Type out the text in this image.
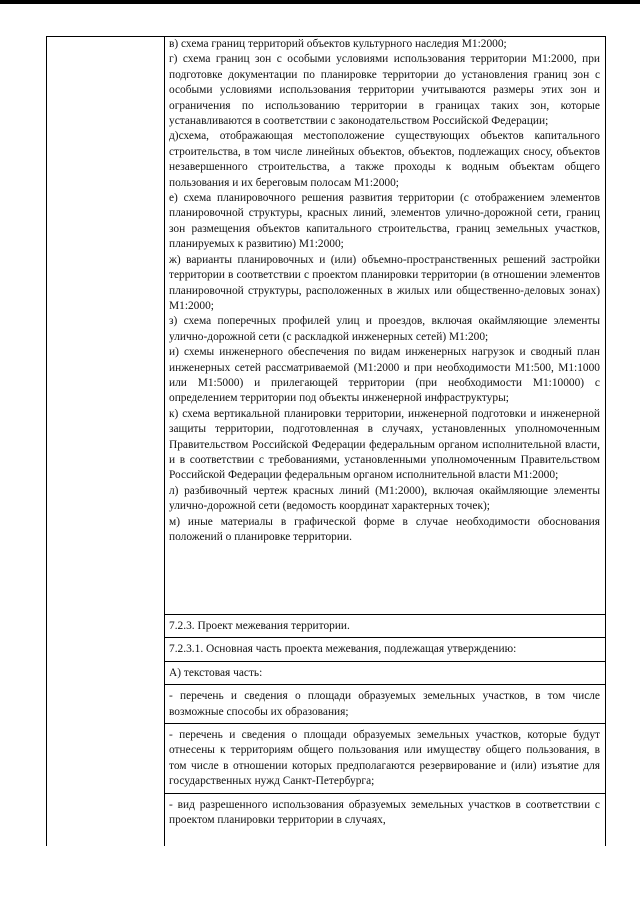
в) схема границ территорий объектов культурного наследия М1:2000;

г) схема границ зон с особыми условиями использования территории М1:2000, при подготовке документации по планировке территории до установления границ зон с особыми условиями использования территории учитываются размеры этих зон и ограничения по использованию территории в границах таких зон, которые устанавливаются в соответствии с законодательством Российской Федерации;

д)схема, отображающая местоположение существующих объектов капитального строительства, в том числе линейных объектов, объектов, подлежащих сносу, объектов незавершенного строительства, а также проходы к водным объектам общего пользования и их береговым полосам М1:2000;

е) схема планировочного решения развития территории (с отображением элементов планировочной структуры, красных линий, элементов улично-дорожной сети, границ зон размещения объектов капитального строительства, границ земельных участков, планируемых к развитию) М1:2000;

ж) варианты планировочных и (или) объемно-пространственных решений застройки территории в соответствии с проектом планировки территории (в отношении элементов планировочной структуры, расположенных в жилых или общественно-деловых зонах) М1:2000;

з) схема поперечных профилей улиц и проездов, включая окаймляющие элементы улично-дорожной сети (с раскладкой инженерных сетей) М1:200;

и) схемы инженерного обеспечения по видам инженерных нагрузок и сводный план инженерных сетей рассматриваемой (М1:2000 и при необходимости М1:500, М1:1000 или М1:5000) и прилегающей территории (при необходимости М1:10000) с определением территории под объекты инженерной инфраструктуры;

к) схема вертикальной планировки территории, инженерной подготовки и инженерной защиты территории, подготовленная в случаях, установленных уполномоченным Правительством Российской Федерации федеральным органом исполнительной власти, и в соответствии с требованиями, установленными уполномоченным Правительством Российской Федерации федеральным органом исполнительной власти М1:2000;

л) разбивочный чертеж красных линий (М1:2000), включая окаймляющие элементы улично-дорожной сети (ведомость координат характерных точек);

м) иные материалы в графической форме в случае необходимости обоснования положений о планировке территории.

7.2.3. Проект межевания территории.

7.2.3.1. Основная часть проекта межевания, подлежащая утверждению:

А) текстовая часть:

- перечень и сведения о площади образуемых земельных участков, в том числе возможные способы их образования;

- перечень и сведения о площади образуемых земельных участков, которые будут отнесены к территориям общего пользования или имуществу общего пользования, в том числе в отношении которых предполагаются резервирование и (или) изъятие для государственных нужд Санкт-Петербурга;

- вид разрешенного использования образуемых земельных участков в соответствии с проектом планировки территории в случаях,
